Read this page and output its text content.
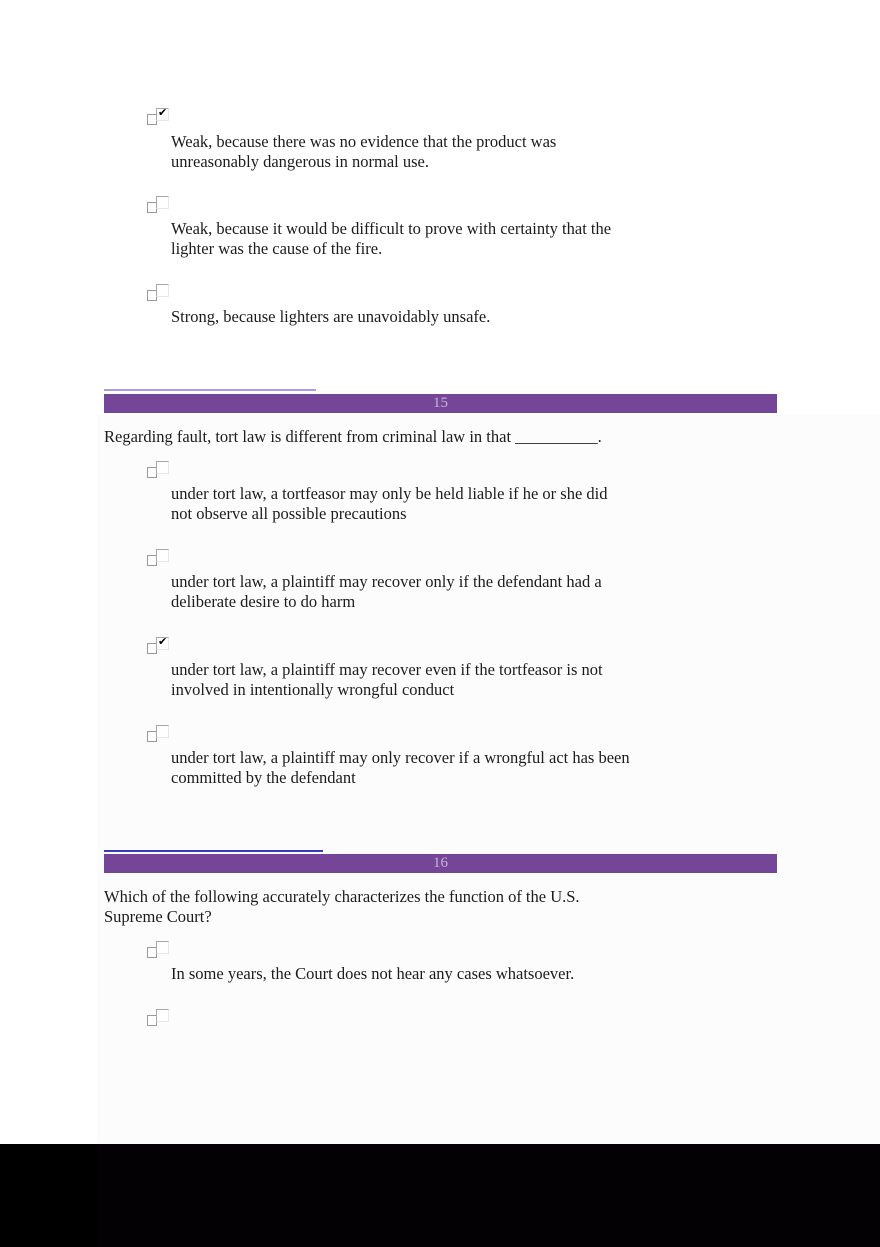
✔
Weak, because there was no evidence that the product was
unreasonably dangerous in normal use.
Weak, because it would be difficult to prove with certainty that the
lighter was the cause of the fire.
Strong, because lighters are unavoidably unsafe.
15
Regarding fault, tort law is different from criminal law in that __________.
under tort law, a tortfeasor may only be held liable if he or she did
not observe all possible precautions
under tort law, a plaintiff may recover only if the defendant had a
deliberate desire to do harm
✔
under tort law, a plaintiff may recover even if the tortfeasor is not
involved in intentionally wrongful conduct
under tort law, a plaintiff may only recover if a wrongful act has been
committed by the defendant
16
Which of the following accurately characterizes the function of the U.S.
Supreme Court?
In some years, the Court does not hear any cases whatsoever.
